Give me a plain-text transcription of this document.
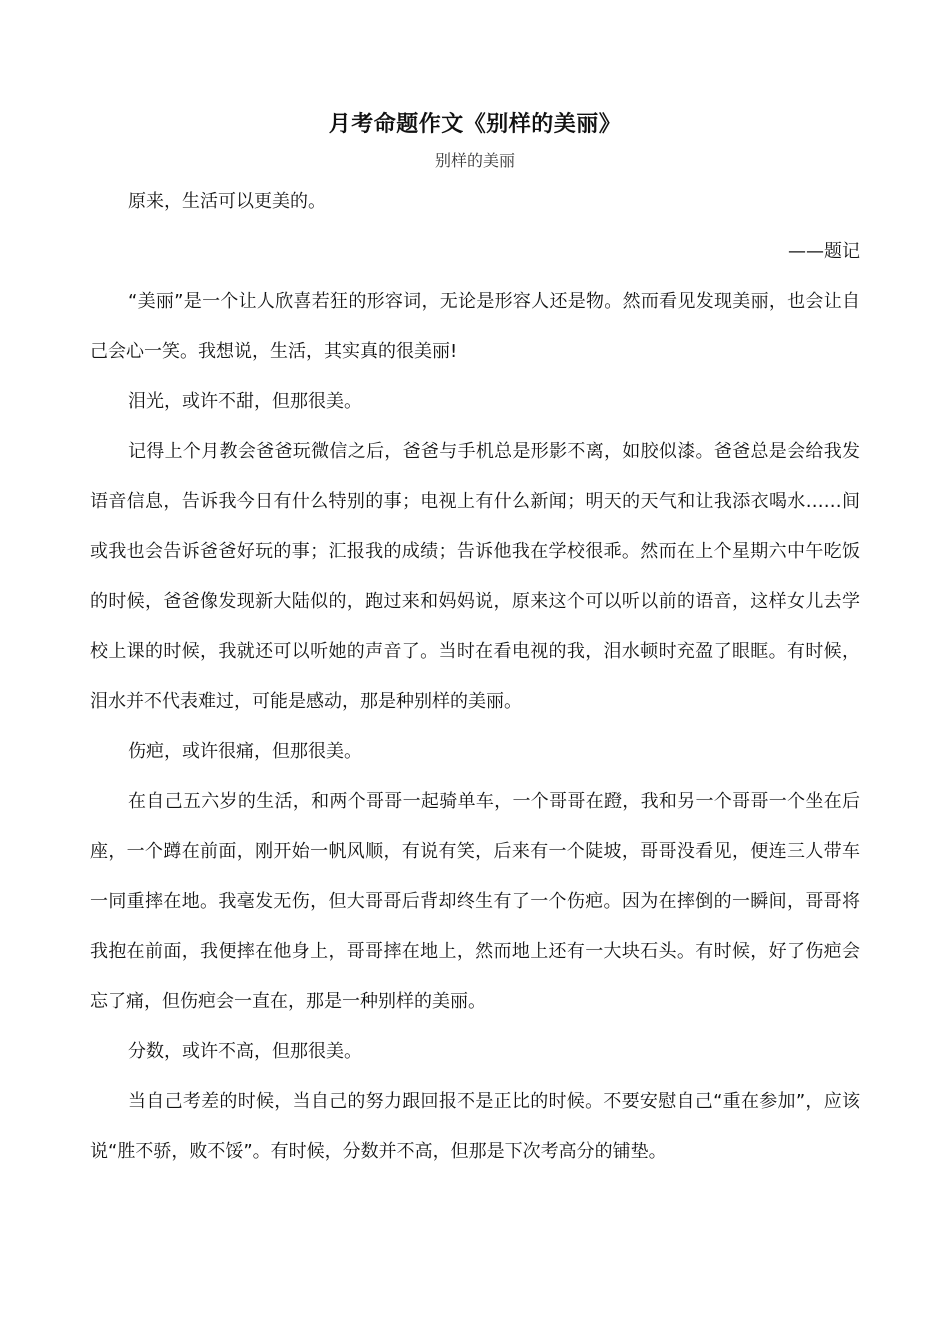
月考命题作文《别样的美丽》
别样的美丽

原来，生活可以更美的。

——题记

“美丽”是一个让人欣喜若狂的形容词，无论是形容人还是物。然而看见发现美丽，也会让自己会心一笑。我想说，生活，其实真的很美丽!

泪光，或许不甜，但那很美。

记得上个月教会爸爸玩微信之后，爸爸与手机总是形影不离，如胶似漆。爸爸总是会给我发语音信息，告诉我今日有什么特别的事；电视上有什么新闻；明天的天气和让我添衣喝水……间或我也会告诉爸爸好玩的事；汇报我的成绩；告诉他我在学校很乖。然而在上个星期六中午吃饭的时候，爸爸像发现新大陆似的，跑过来和妈妈说，原来这个可以听以前的语音，这样女儿去学校上课的时候，我就还可以听她的声音了。当时在看电视的我，泪水顿时充盈了眼眶。有时候，泪水并不代表难过，可能是感动，那是种别样的美丽。

伤疤，或许很痛，但那很美。

在自己五六岁的生活，和两个哥哥一起骑单车，一个哥哥在蹬，我和另一个哥哥一个坐在后座，一个蹲在前面，刚开始一帆风顺，有说有笑，后来有一个陡坡，哥哥没看见，便连三人带车一同重摔在地。我毫发无伤，但大哥哥后背却终生有了一个伤疤。因为在摔倒的一瞬间，哥哥将我抱在前面，我便摔在他身上，哥哥摔在地上，然而地上还有一大块石头。有时候，好了伤疤会忘了痛，但伤疤会一直在，那是一种别样的美丽。

分数，或许不高，但那很美。

当自己考差的时候，当自己的努力跟回报不是正比的时候。不要安慰自己“重在参加”，应该说“胜不骄，败不馁”。有时候，分数并不高，但那是下次考高分的铺垫。
